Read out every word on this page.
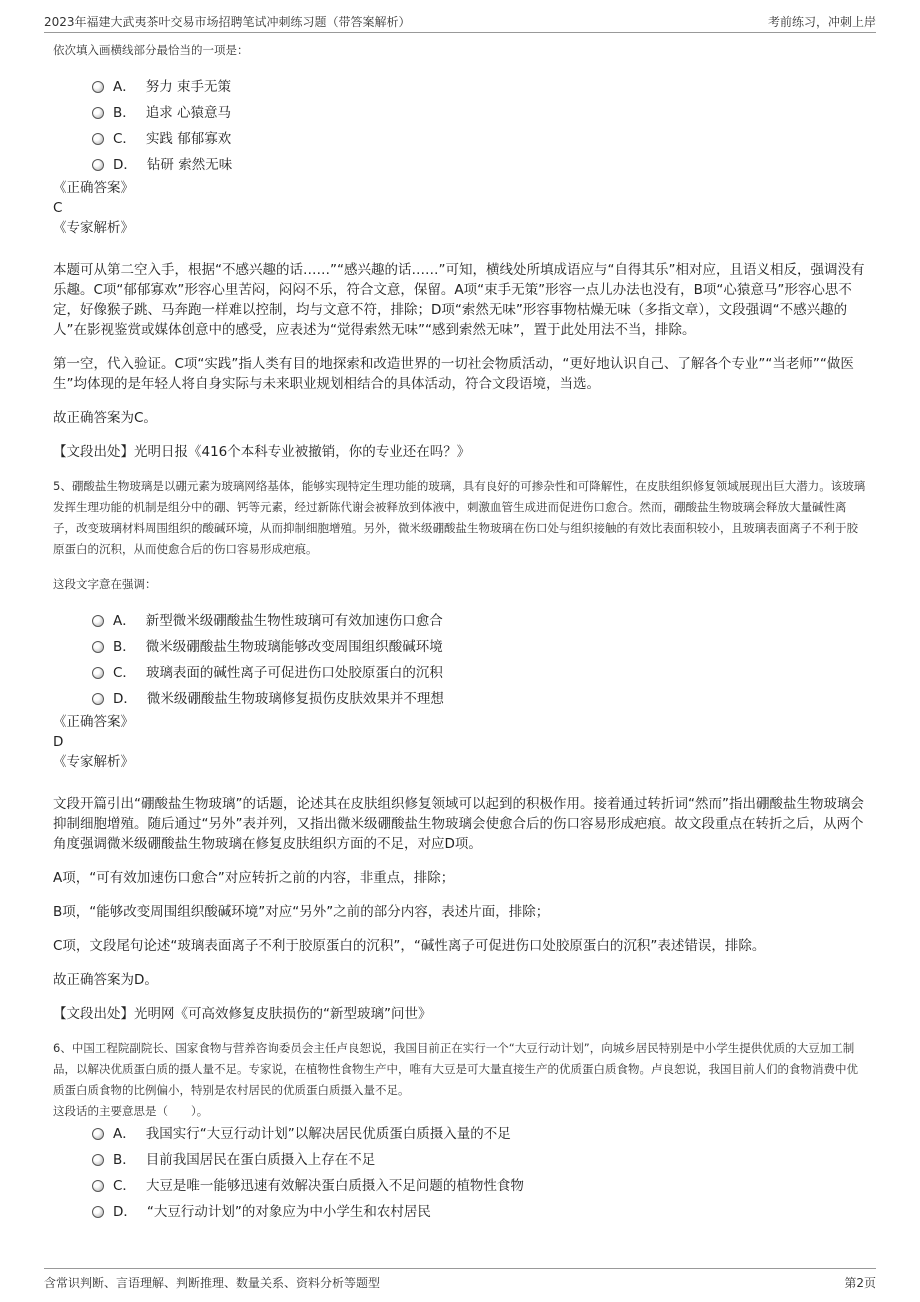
2023年福建大武夷茶叶交易市场招聘笔试冲刺练习题（带答案解析）	考前练习，冲刺上岸

依次填入画横线部分最恰当的一项是：

A． 努力 束手无策
B． 追求 心猿意马
C． 实践 郁郁寡欢
D． 钻研 索然无味

《正确答案》

C

《专家解析》

本题可从第二空入手，根据“不感兴趣的话……”“感兴趣的话……”可知，横线处所填成语应与“自得其乐”相对应，且语义相反，强调没有乐趣。C项“郁郁寡欢”形容心里苦闷，闷闷不乐，符合文意，保留。A项“束手无策”形容一点儿办法也没有，B项“心猿意马”形容心思不定，好像猴子跳、马奔跑一样难以控制，均与文意不符，排除；D项“索然无味”形容事物枯燥无味（多指文章），文段强调“不感兴趣的人”在影视鉴赏或媒体创意中的感受，应表述为“觉得索然无味”“感到索然无味”，置于此处用法不当，排除。

第一空，代入验证。C项“实践”指人类有目的地探索和改造世界的一切社会物质活动，“更好地认识自己、了解各个专业”“当老师”“做医生”均体现的是年轻人将自身实际与未来职业规划相结合的具体活动，符合文段语境，当选。

故正确答案为C。

【文段出处】光明日报《416个本科专业被撤销，你的专业还在吗？》

5、硼酸盐生物玻璃是以硼元素为玻璃网络基体，能够实现特定生理功能的玻璃，具有良好的可掺杂性和可降解性，在皮肤组织修复领域展现出巨大潜力。该玻璃发挥生理功能的机制是组分中的硼、钙等元素，经过新陈代谢会被释放到体液中，刺激血管生成进而促进伤口愈合。然而，硼酸盐生物玻璃会释放大量碱性离子，改变玻璃材料周围组织的酸碱环境，从而抑制细胞增殖。另外，微米级硼酸盐生物玻璃在伤口处与组织接触的有效比表面积较小，且玻璃表面离子不利于胶原蛋白的沉积，从而使愈合后的伤口容易形成疤痕。

这段文字意在强调：

A． 新型微米级硼酸盐生物性玻璃可有效加速伤口愈合
B． 微米级硼酸盐生物玻璃能够改变周围组织酸碱环境
C． 玻璃表面的碱性离子可促进伤口处胶原蛋白的沉积
D． 微米级硼酸盐生物玻璃修复损伤皮肤效果并不理想

《正确答案》

D

《专家解析》

文段开篇引出“硼酸盐生物玻璃”的话题，论述其在皮肤组织修复领域可以起到的积极作用。接着通过转折词“然而”指出硼酸盐生物玻璃会抑制细胞增殖。随后通过“另外”表并列，又指出微米级硼酸盐生物玻璃会使愈合后的伤口容易形成疤痕。故文段重点在转折之后，从两个角度强调微米级硼酸盐生物玻璃在修复皮肤组织方面的不足，对应D项。

A项，“可有效加速伤口愈合”对应转折之前的内容，非重点，排除；

B项，“能够改变周围组织酸碱环境”对应“另外”之前的部分内容，表述片面，排除；

C项，文段尾句论述“玻璃表面离子不利于胶原蛋白的沉积”，“碱性离子可促进伤口处胶原蛋白的沉积”表述错误，排除。

故正确答案为D。

【文段出处】光明网《可高效修复皮肤损伤的“新型玻璃”问世》

6、中国工程院副院长、国家食物与营养咨询委员会主任卢良恕说，我国目前正在实行一个“大豆行动计划”，向城乡居民特别是中小学生提供优质的大豆加工制品，以解决优质蛋白质的摄人量不足。专家说，在植物性食物生产中，唯有大豆是可大量直接生产的优质蛋白质食物。卢良恕说，我国目前人们的食物消费中优质蛋白质食物的比例偏小，特别是农村居民的优质蛋白质摄入量不足。

这段话的主要意思是（　　）。

A． 我国实行“大豆行动计划”以解决居民优质蛋白质摄入量的不足
B． 目前我国居民在蛋白质摄入上存在不足
C． 大豆是唯一能够迅速有效解决蛋白质摄入不足问题的植物性食物
D． “大豆行动计划”的对象应为中小学生和农村居民
含常识判断、言语理解、判断推理、数量关系、资料分析等题型	第2页
